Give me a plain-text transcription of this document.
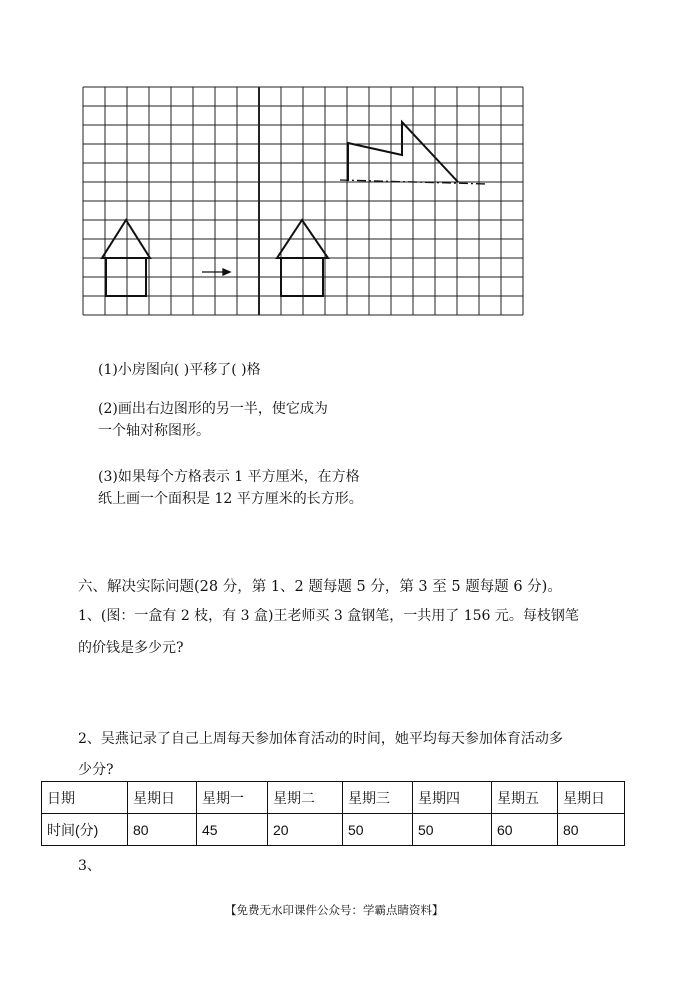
(1)小房图向( )平移了( )格
(2)画出右边图形的另一半，使它成为
一个轴对称图形。
(3)如果每个方格表示 1 平方厘米，在方格
纸上画一个面积是 12 平方厘米的长方形。
六、解决实际问题(28 分，第 1、2 题每题 5 分，第 3 至 5 题每题 6 分)。
1、(图：一盒有 2 枝，有 3 盒)王老师买 3 盒钢笔，一共用了 156 元。每枝钢笔
的价钱是多少元?
2、吴燕记录了自己上周每天参加体育活动的时间，她平均每天参加体育活动多
少分?
日期	星期日	星期一	星期二	星期三	星期四	星期五	星期日
时间(分)	80	45	20	50	50	60	80
3、
【免费无水印课件公众号：学霸点睛资料】
